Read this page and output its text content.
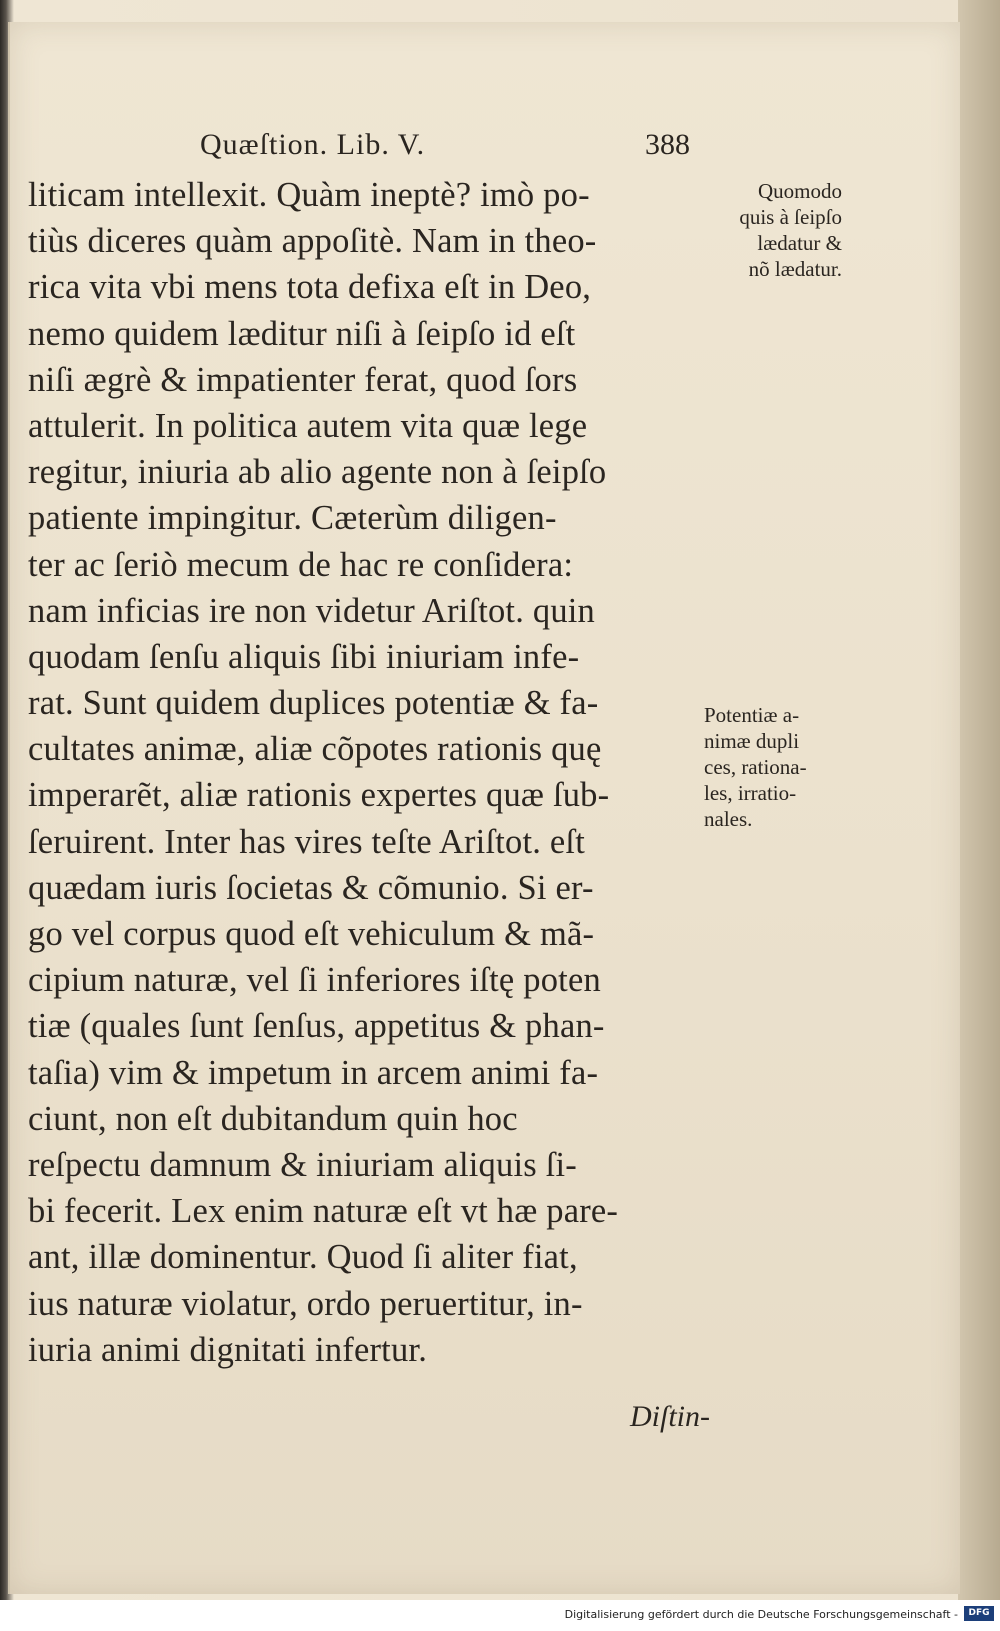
Quæſtion. Lib. V.	388
liticam intellexit. Quàm ineptè? imò po-
tiùs diceres quàm appoſitè. Nam in theo-
rica vita vbi mens tota defixa eſt in Deo,
nemo quidem læditur niſi à ſeipſo id eſt
niſi ægrè & impatienter ferat, quod ſors
attulerit. In politica autem vita quæ lege
regitur, iniuria ab alio agente non à ſeipſo
patiente impingitur. Cæterùm diligen-
ter ac ſeriò mecum de hac re conſidera:
nam inficias ire non videtur Ariſtot. quin
quodam ſenſu aliquis ſibi iniuriam infe-
rat. Sunt quidem duplices potentiæ & fa-
cultates animæ, aliæ cõpotes rationis quę
imperarẽt, aliæ rationis expertes quæ ſub-
ſeruirent. Inter has vires teſte Ariſtot. eſt
quædam iuris ſocietas & cõmunio. Si er-
go vel corpus quod eſt vehiculum & mã-
cipium naturæ, vel ſi inferiores iſtę poten
tiæ (quales ſunt ſenſus, appetitus & phan-
taſia) vim & impetum in arcem animi fa-
ciunt, non eſt dubitandum quin hoc
reſpectu damnum & iniuriam aliquis ſi-
bi fecerit. Lex enim naturæ eſt vt hæ pare-
ant, illæ dominentur. Quod ſi aliter fiat,
ius naturæ violatur, ordo peruertitur, in-
iuria animi dignitati infertur.
Quomodo
quis à ſeipſo
lædatur &
nõ lædatur.
Potentiæ a-
nimæ dupli
ces, rationa-
les, irratio-
nales.
Diſtin-
Digitalisierung gefördert durch die Deutsche Forschungsgemeinschaft -	DFG
